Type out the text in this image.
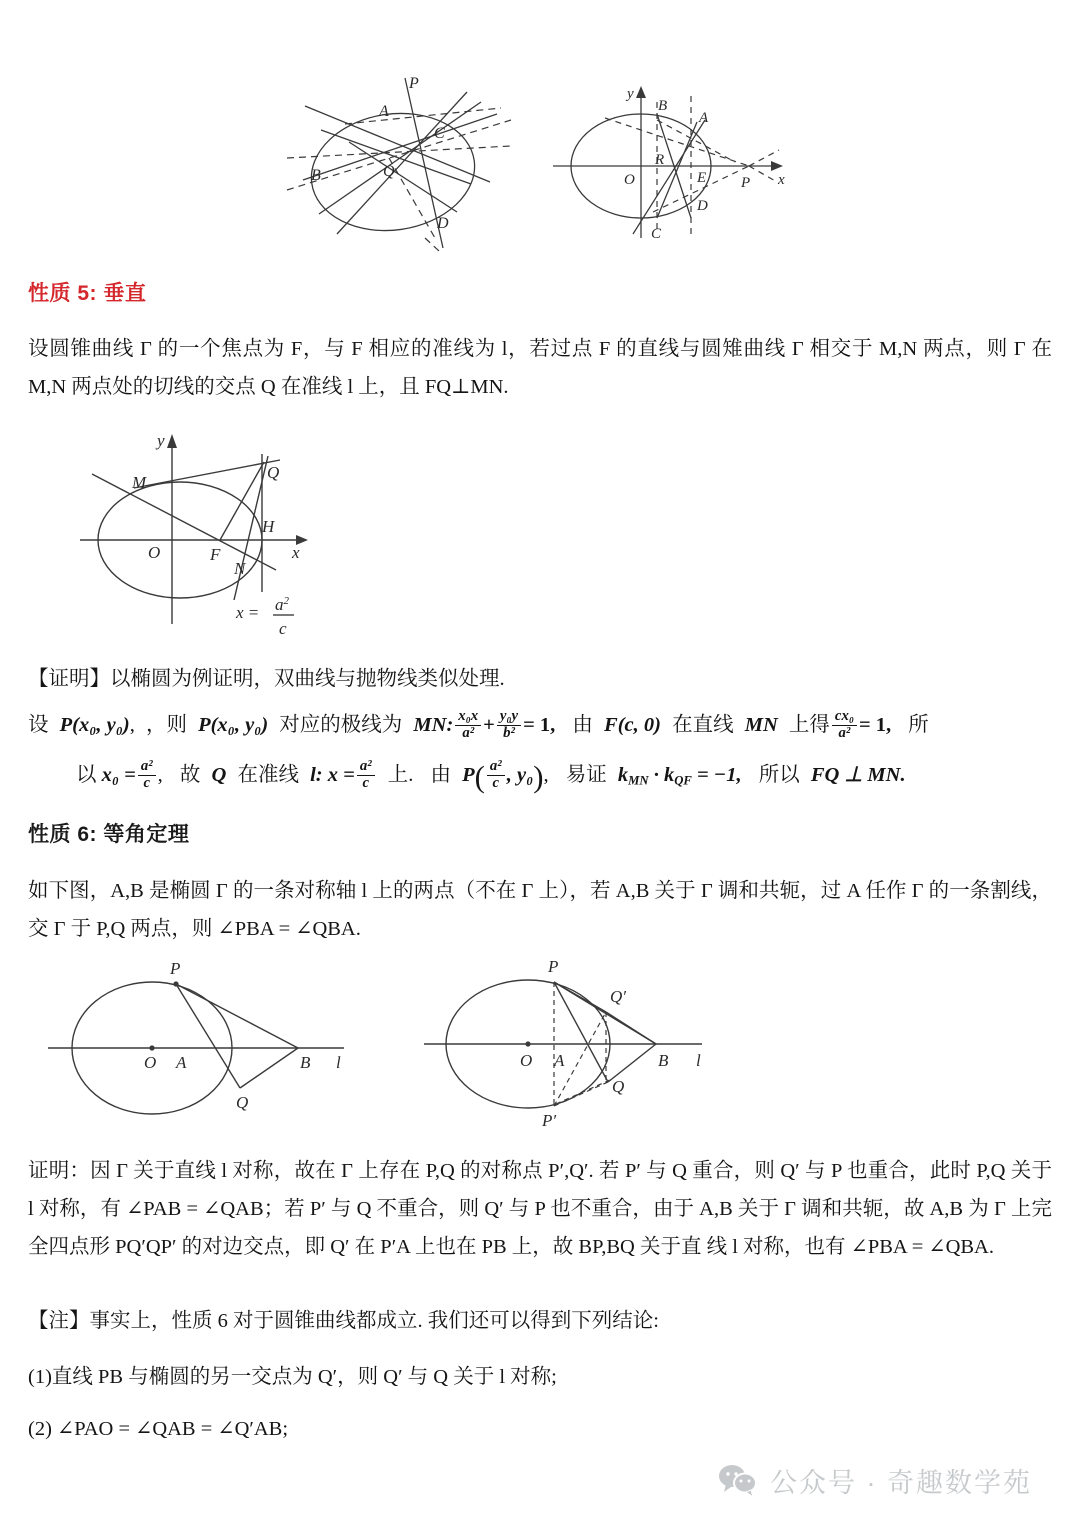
P
A
B
C
D
Q
y
x
B
A
R
O	E P
C
D
性质 5: 垂直
设圆锥曲线 Γ 的一个焦点为 F，与 F 相应的准线为 l，若过点 F 的直线与圆雉曲线 Γ 相交于 M,N 两点，则 Γ 在 M,N 两点处的切线的交点 Q 在准线 l 上，且 FQ⊥MN.
y
x
M
Q
H
O	F
N
$x = a^2$
c
【证明】以椭圆为例证明，双曲线与抛物线类似处理.
设 P(x₀, y₀), ，则 P(x₀, y₀) 对应的极线为 MN: $\frac{\text{x₀x}}{\text{a²}} + \frac{\text{y₀y}}{\text{b²}} = 1$, 由 F(c, 0) 在直线 MN 上得 $\frac{\text{cx₀}}{\text{a²}} = 1$, 所
以 $x_0 = \frac{\text{a²}}{c}$ , 故 Q 在准线 l: $x = \frac{\text{a²}}{c}$ 上. 由 $P( \frac{\text{a²}}{c}$ , y₀), 易证 $k_{MN} \cdot k_{QF} = -1$, 所以 FQ ⊥ MN.
性质 6: 等角定理
如下图，A,B 是椭圆 Γ 的一条对称轴 l 上的两点（不在 Γ 上），若 A,B 关于 Γ 调和共轭，过 A 任作 Γ 的一条割线，交 Γ 于 P,Q 两点，则 ∠PBA = ∠QBA.
P
O A	B l
Q
P
Q′
O A	B l
Q
P′
证明：因 Γ 关于直线 l 对称，故在 Γ 上存在 P,Q 的对称点 P′,Q′. 若 P′ 与 Q 重合，则 Q′ 与 P 也重合，此时 P,Q 关于 l 对称，有 ∠PAB = ∠QAB；若 P′ 与 Q 不重合，则 Q′ 与 P 也不重合，由于 A,B 关于 Γ 调和共轭，故 A,B 为 Γ 上完全四点形 PQ′QP′ 的对边交点，即 Q′ 在 P′A 上也在 PB 上，故 BP,BQ 关于直 线 l 对称，也有 ∠PBA = ∠QBA.
【注】事实上，性质 6 对于圆锥曲线都成立. 我们还可以得到下列结论:
(1)直线 PB 与椭圆的另一交点为 Q′，则 Q′ 与 Q 关于 l 对称;
(2) ∠PAO = ∠QAB = ∠Q′AB;
公众号 · 奇趣数学苑
